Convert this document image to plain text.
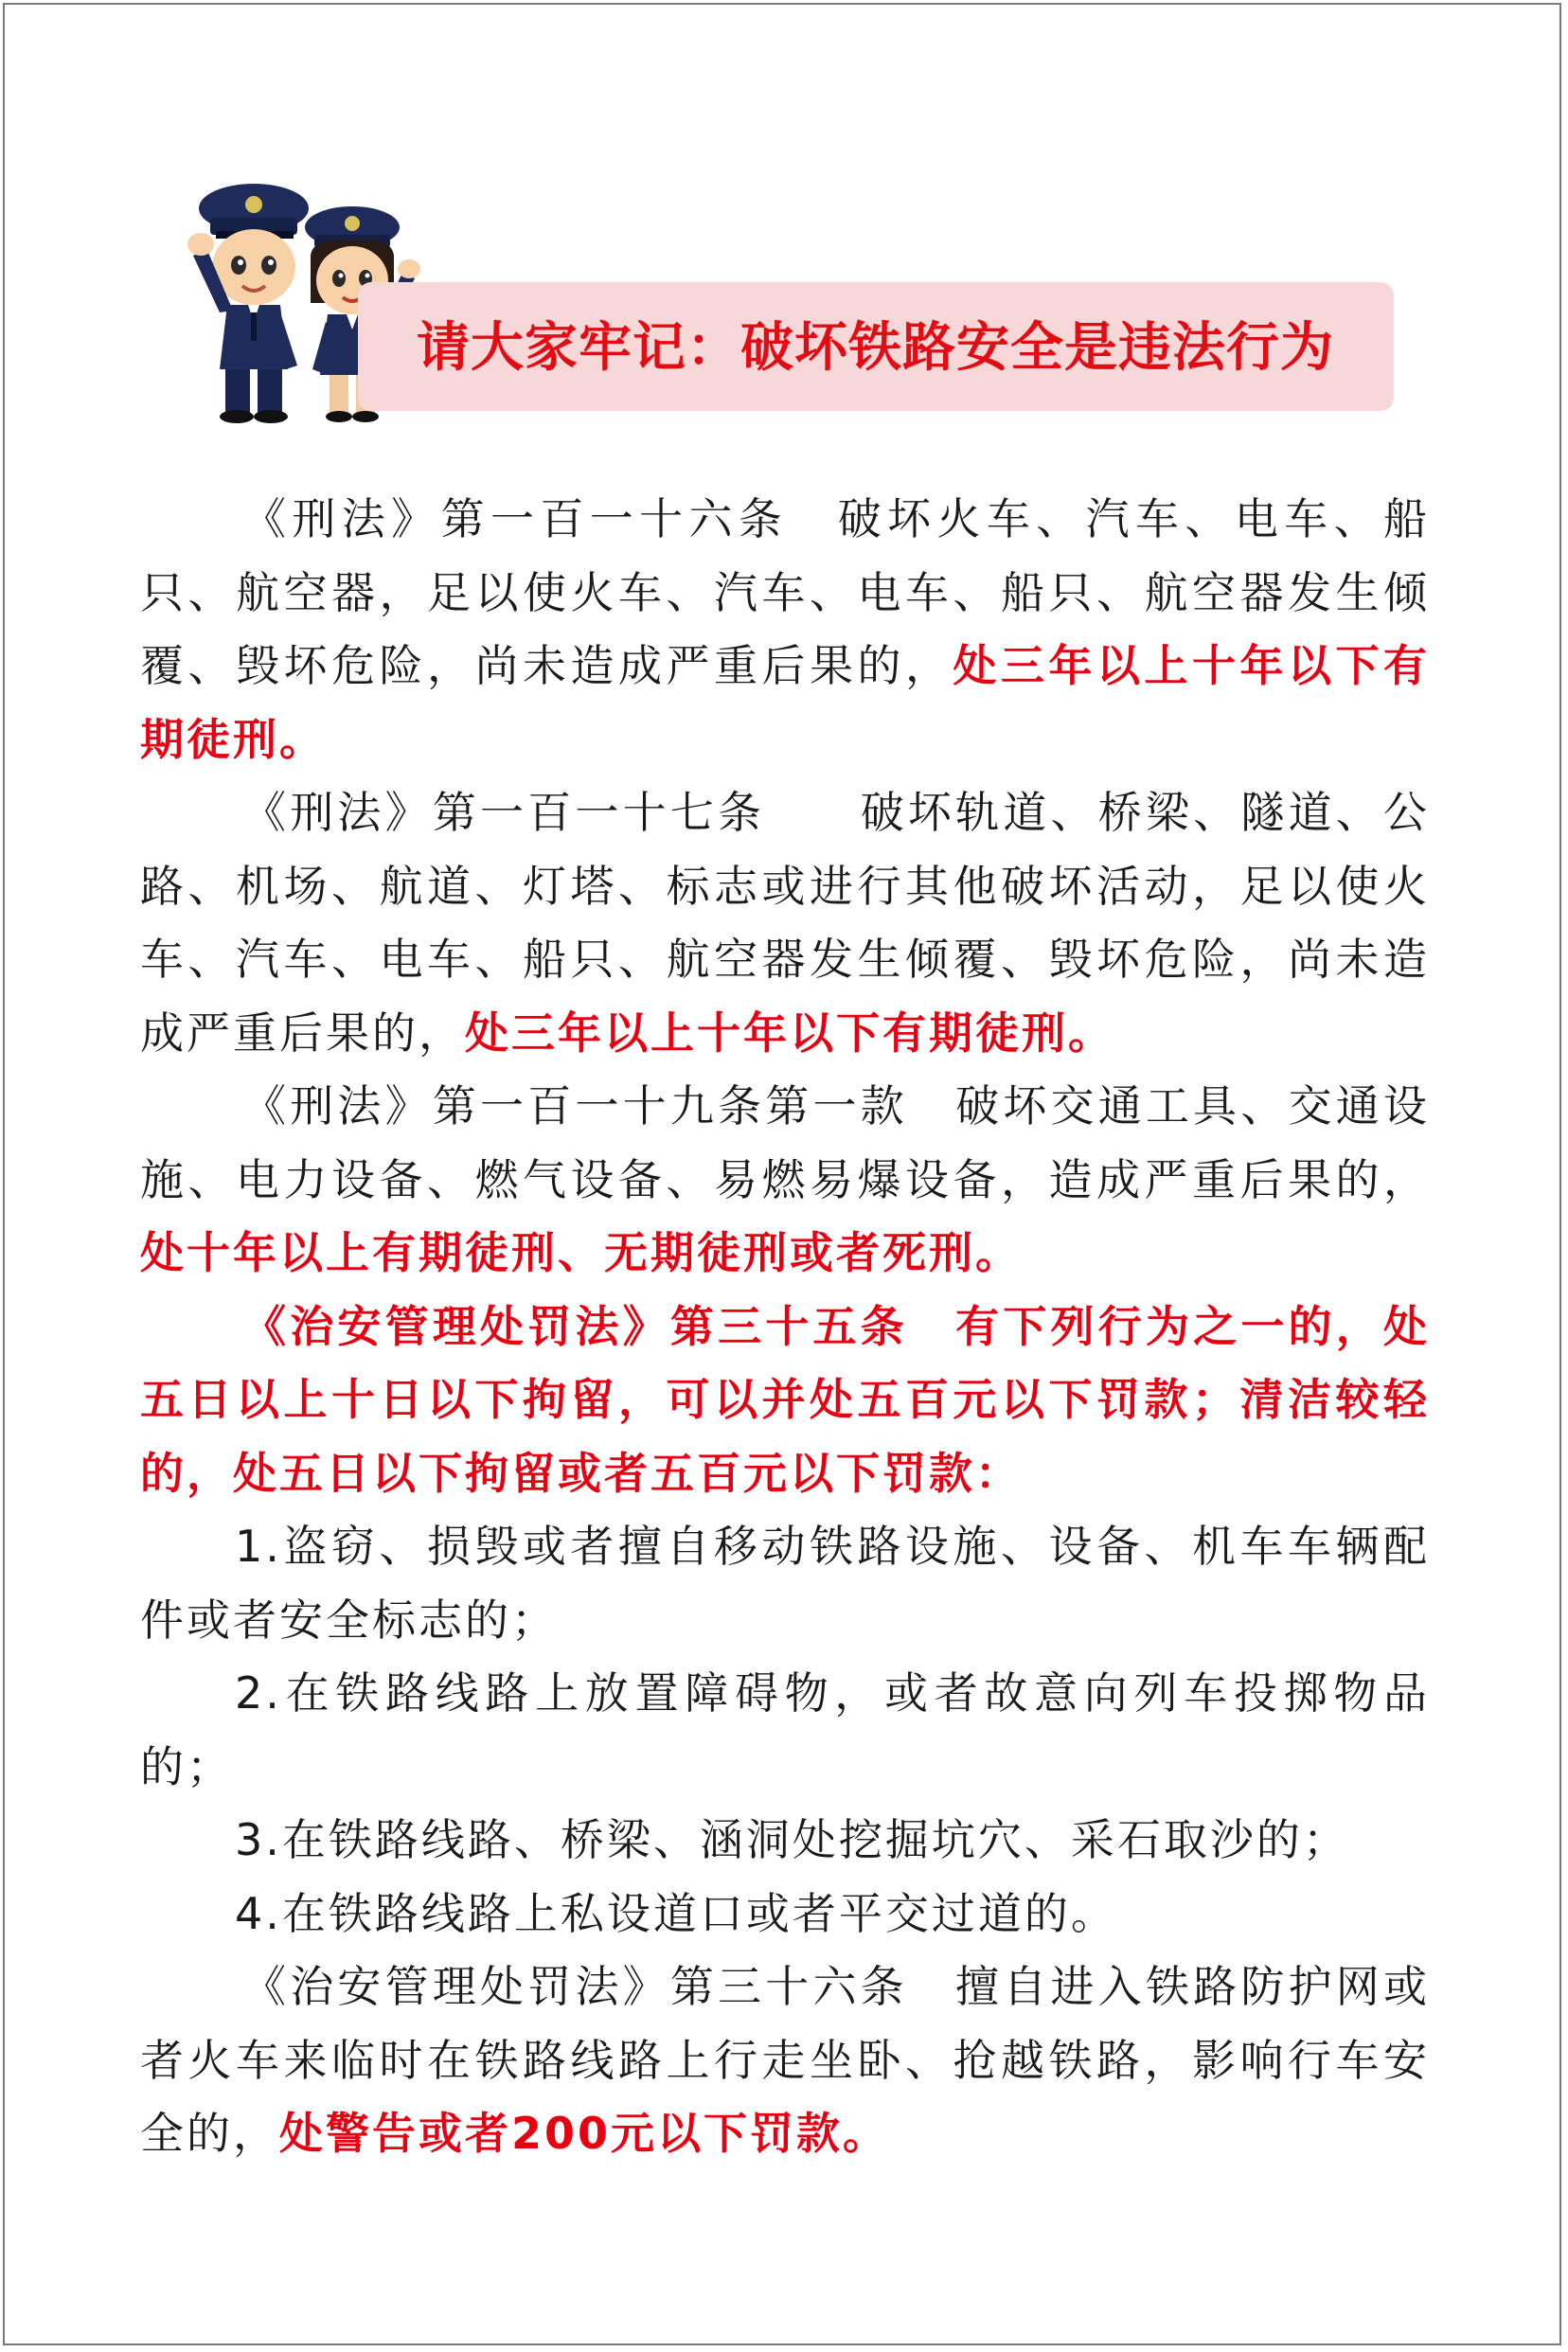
请大家牢记：破坏铁路安全是违法行为

《刑法》第一百一十六条　破坏火车、汽车、电车、船只、航空器，足以使火车、汽车、电车、船只、航空器发生倾覆、毁坏危险，尚未造成严重后果的，处三年以上十年以下有期徒刑。

《刑法》第一百一十七条　　破坏轨道、桥梁、隧道、公路、机场、航道、灯塔、标志或进行其他破坏活动，足以使火车、汽车、电车、船只、航空器发生倾覆、毁坏危险，尚未造成严重后果的，处三年以上十年以下有期徒刑。

《刑法》第一百一十九条第一款　破坏交通工具、交通设施、电力设备、燃气设备、易燃易爆设备，造成严重后果的，处十年以上有期徒刑、无期徒刑或者死刑。

《治安管理处罚法》第三十五条　有下列行为之一的，处五日以上十日以下拘留，可以并处五百元以下罚款；清洁较轻的，处五日以下拘留或者五百元以下罚款：

1.盗窃、损毁或者擅自移动铁路设施、设备、机车车辆配件或者安全标志的；

2.在铁路线路上放置障碍物，或者故意向列车投掷物品的；

3.在铁路线路、桥梁、涵洞处挖掘坑穴、采石取沙的；

4.在铁路线路上私设道口或者平交过道的。

《治安管理处罚法》第三十六条　擅自进入铁路防护网或者火车来临时在铁路线路上行走坐卧、抢越铁路，影响行车安全的，处警告或者200元以下罚款。
